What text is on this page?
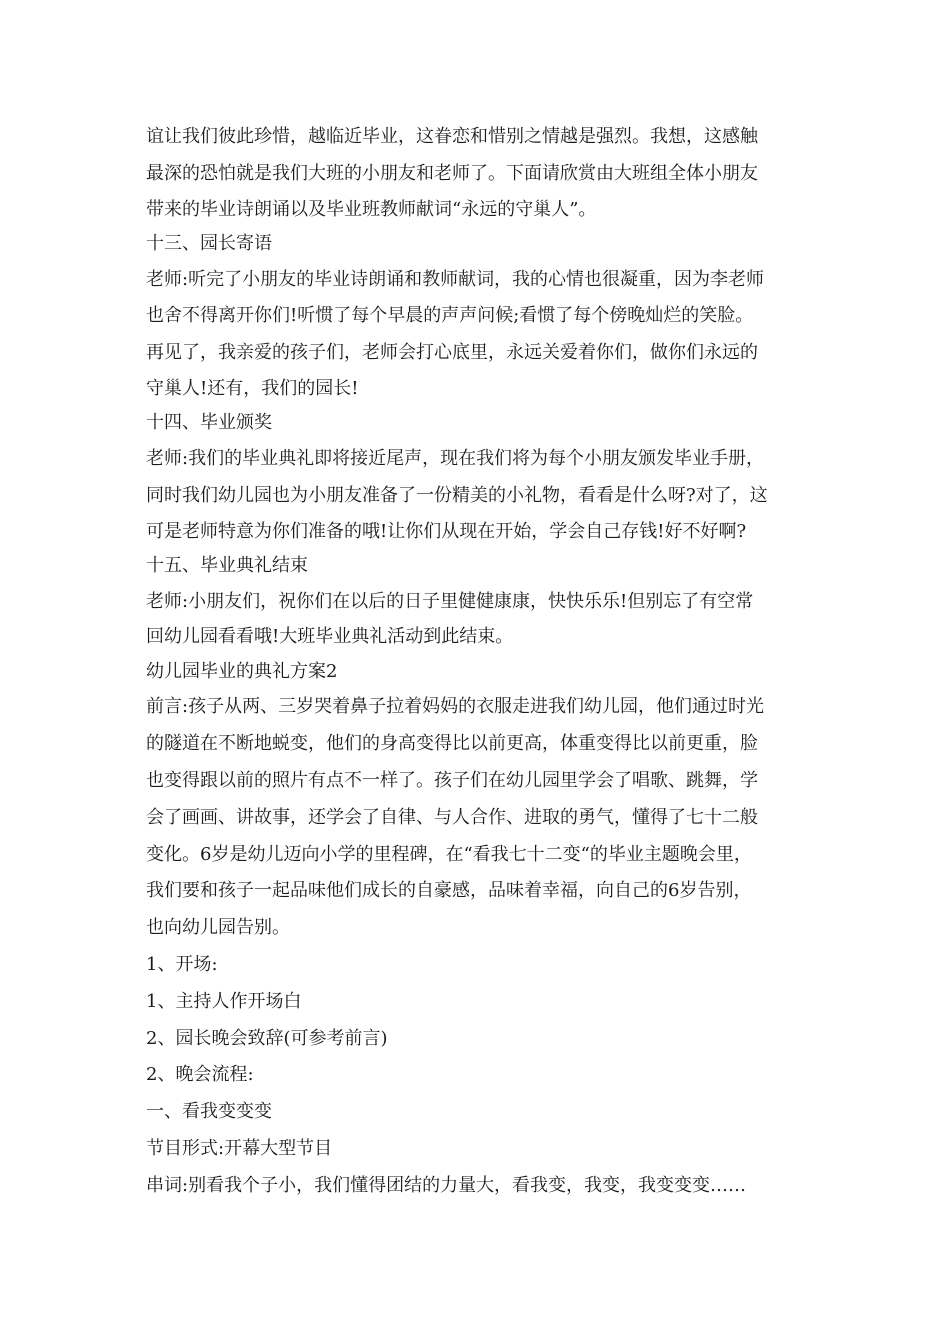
谊让我们彼此珍惜，越临近毕业，这眷恋和惜别之情越是强烈。我想，这感触
最深的恐怕就是我们大班的小朋友和老师了。下面请欣赏由大班组全体小朋友
带来的毕业诗朗诵以及毕业班教师献词“永远的守巢人”。
十三、园长寄语
老师:听完了小朋友的毕业诗朗诵和教师献词，我的心情也很凝重，因为李老师
也舍不得离开你们!听惯了每个早晨的声声问候;看惯了每个傍晚灿烂的笑脸。
再见了，我亲爱的孩子们，老师会打心底里，永远关爱着你们，做你们永远的
守巢人!还有，我们的园长!
十四、毕业颁奖
老师:我们的毕业典礼即将接近尾声，现在我们将为每个小朋友颁发毕业手册，
同时我们幼儿园也为小朋友准备了一份精美的小礼物，看看是什么呀?对了，这
可是老师特意为你们准备的哦!让你们从现在开始，学会自己存钱!好不好啊?
十五、毕业典礼结束
老师:小朋友们，祝你们在以后的日子里健健康康，快快乐乐!但别忘了有空常
回幼儿园看看哦!大班毕业典礼活动到此结束。
幼儿园毕业的典礼方案2
前言:孩子从两、三岁哭着鼻子拉着妈妈的衣服走进我们幼儿园，他们通过时光
的隧道在不断地蜕变，他们的身高变得比以前更高，体重变得比以前更重，脸
也变得跟以前的照片有点不一样了。孩子们在幼儿园里学会了唱歌、跳舞，学
会了画画、讲故事，还学会了自律、与人合作、进取的勇气，懂得了七十二般
变化。6岁是幼儿迈向小学的里程碑，在“看我七十二变“的毕业主题晚会里，
我们要和孩子一起品味他们成长的自豪感，品味着幸福，向自己的6岁告别，
也向幼儿园告别。
1、开场:
1、主持人作开场白
2、园长晚会致辞(可参考前言)
2、晚会流程:
一、看我变变变
节目形式:开幕大型节目
串词:别看我个子小，我们懂得团结的力量大，看我变，我变，我变变变……
